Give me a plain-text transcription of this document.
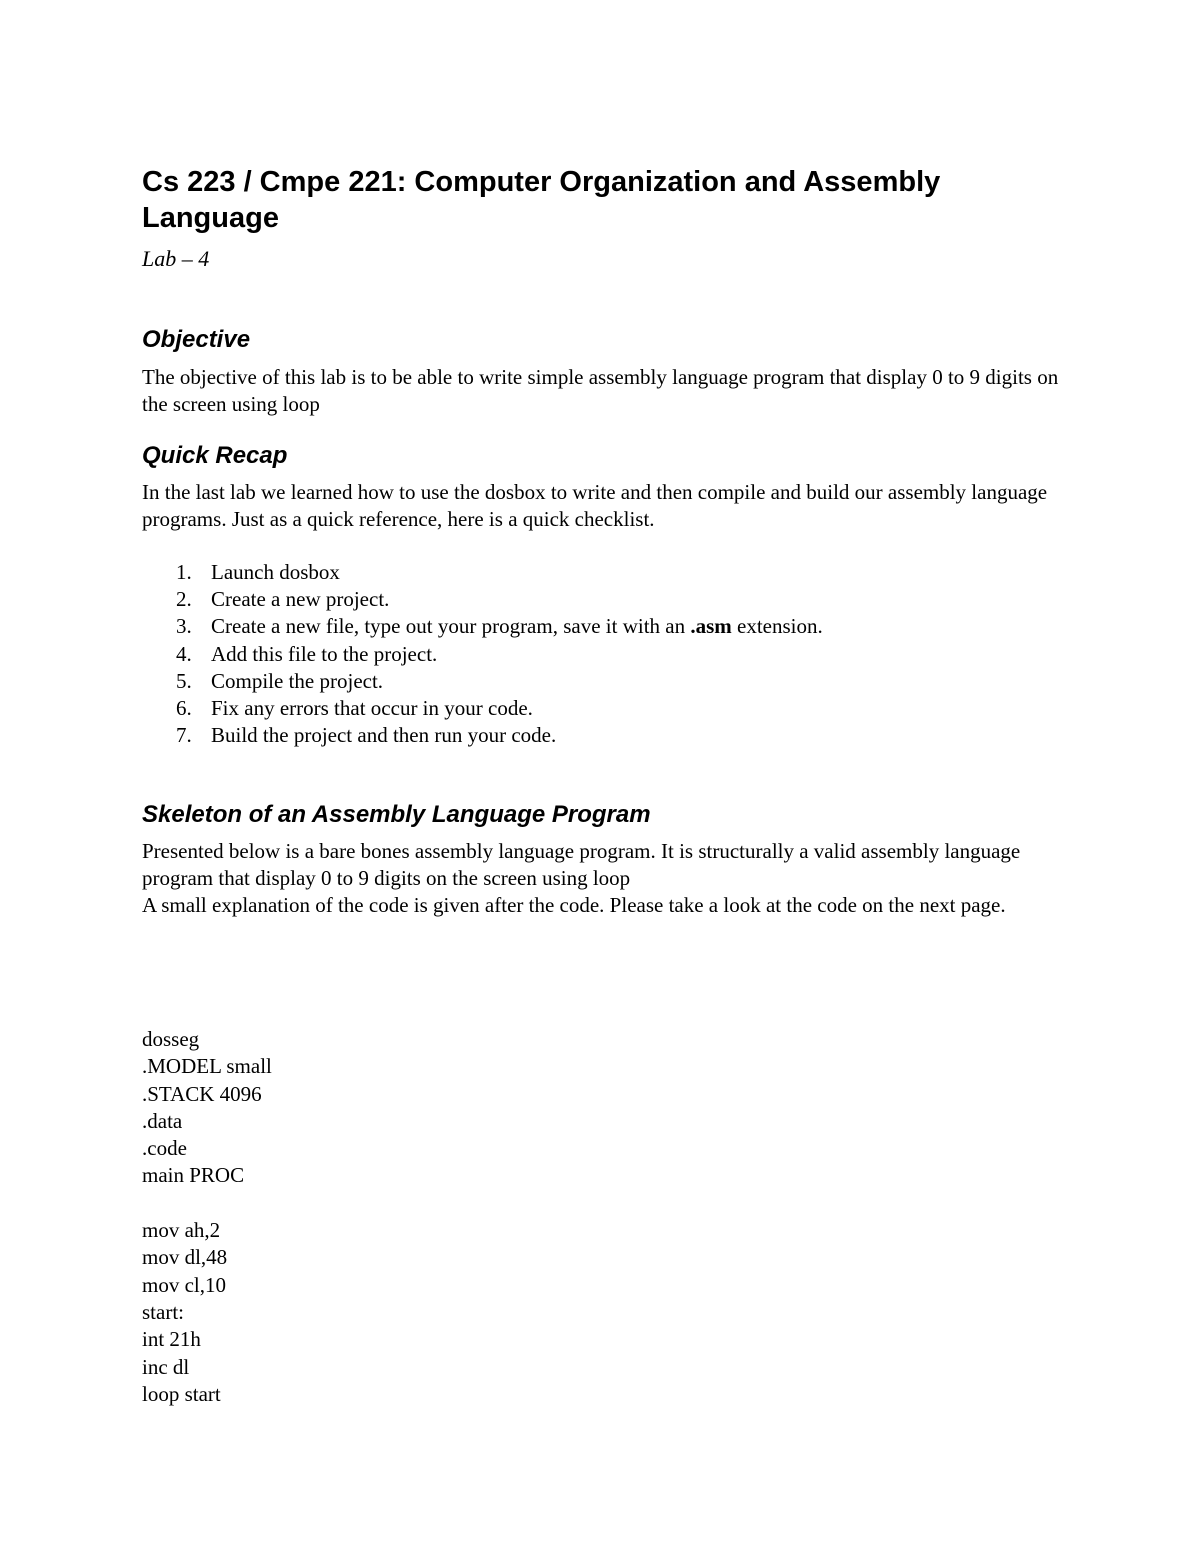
Cs 223 / Cmpe 221: Computer Organization and Assembly Language

Lab – 4

Objective

The objective of this lab is to be able to write simple assembly language program that display 0 to 9 digits on the screen using loop

Quick Recap

In the last lab we learned how to use the dosbox to write and then compile and build our assembly language programs. Just as a quick reference, here is a quick checklist.

1. Launch dosbox
2. Create a new project.
3. Create a new file, type out your program, save it with an .asm extension.
4. Add this file to the project.
5. Compile the project.
6. Fix any errors that occur in your code.
7. Build the project and then run your code.
Skeleton of an Assembly Language Program

Presented below is a bare bones assembly language program. It is structurally a valid assembly language program that display 0 to 9 digits on the screen using loop

A small explanation of the code is given after the code. Please take a look at the code on the next page.

dosseg
.MODEL small
.STACK 4096
.data
.code
main PROC
mov ah,2
mov dl,48
mov cl,10
start:
int 21h
inc dl
loop start
